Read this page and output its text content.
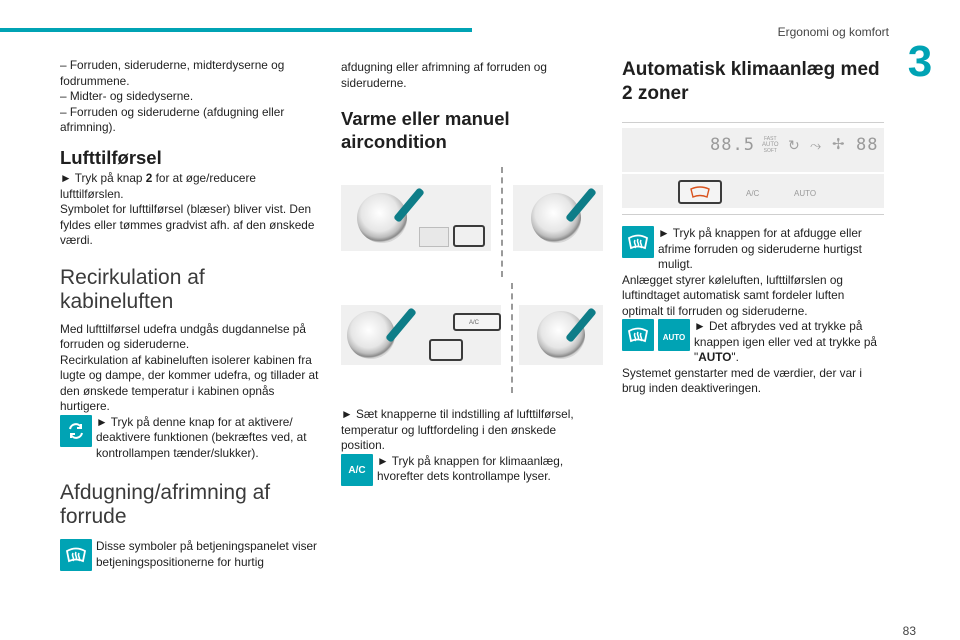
Ergonomi og komfort
3

– Forruden, sideruderne, midterdyserne og fodrummene.

– Midter- og sidedyserne.

– Forruden og sideruderne (afdugning eller afrimning).

Lufttilførsel

► Tryk på knap 2 for at øge/reducere lufttilførslen.

Symbolet for lufttilførsel (blæser) bliver vist. Den fyldes eller tømmes gradvist afh. af den ønskede værdi.

Recirkulation af kabineluften

Med lufttilførsel udefra undgås dugdannelse på forruden og sideruderne.

Recirkulation af kabineluften isolerer kabinen fra lugte og dampe, der kommer udefra, og tillader at den ønskede temperatur i kabinen opnås hurtigere.

► Tryk på denne knap for at aktivere/ deaktivere funktionen (bekræftes ved, at kontrollampen tænder/slukker).
Afdugning/afrimning af forrude
Disse symboler på betjeningspanelet viser betjeningspositionerne for hurtig

afdugning eller afrimning af forruden og sideruderne.

Varme eller manuel aircondition
A/C

► Sæt knapperne til indstilling af lufttilførsel, temperatur og luftfordeling i den ønskede position.

A/C
► Tryk på knappen for klimaanlæg, hvorefter dets kontrollampe lyser.
Automatisk klimaanlæg med 2 zoner
88.5	FAST
AUTO
SOFT ↻ ⤳ ✢ 88
A/C	AUTO
► Tryk på knappen for at afdugge eller afrime forruden og sideruderne hurtigst muligt.

Anlægget styrer køleluften, lufttilførslen og luftindtaget automatisk samt fordeler luften optimalt til forruden og sideruderne.

AUTO
► Det afbrydes ved at trykke på knappen igen eller ved at trykke på "AUTO".

Systemet genstarter med de værdier, der var i brug inden deaktiveringen.

83
